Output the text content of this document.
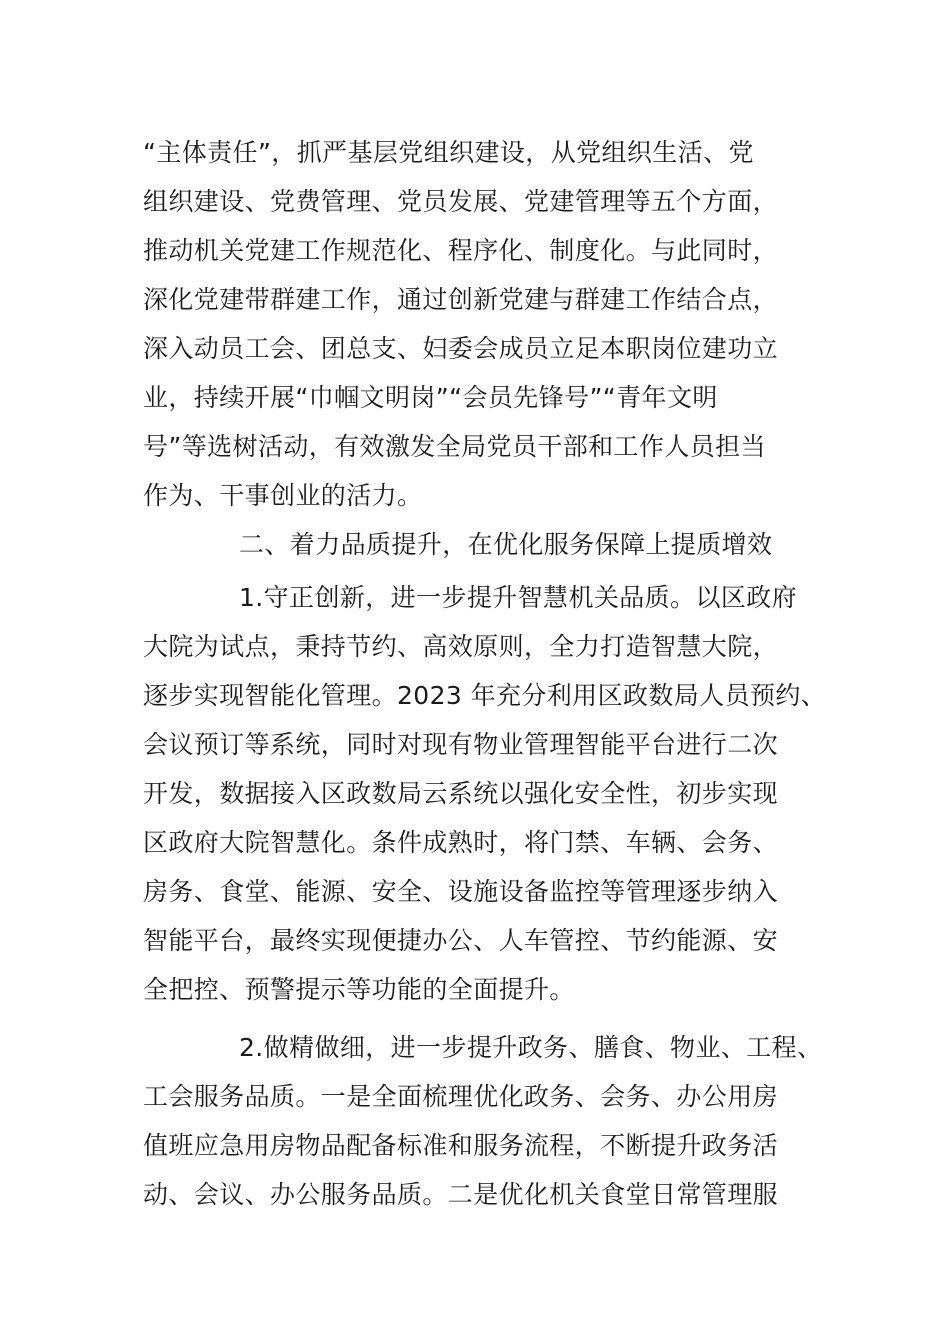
“主体责任”，抓严基层党组织建设，从党组织生活、党
组织建设、党费管理、党员发展、党建管理等五个方面，
推动机关党建工作规范化、程序化、制度化。与此同时，
深化党建带群建工作，通过创新党建与群建工作结合点，
深入动员工会、团总支、妇委会成员立足本职岗位建功立
业，持续开展“巾帼文明岗”“会员先锋号”“青年文明
号”等选树活动，有效激发全局党员干部和工作人员担当
作为、干事创业的活力。
二、着力品质提升，在优化服务保障上提质增效
1.守正创新，进一步提升智慧机关品质。以区政府
大院为试点，秉持节约、高效原则，全力打造智慧大院，
逐步实现智能化管理。2023 年充分利用区政数局人员预约、
会议预订等系统，同时对现有物业管理智能平台进行二次
开发，数据接入区政数局云系统以强化安全性，初步实现
区政府大院智慧化。条件成熟时，将门禁、车辆、会务、
房务、食堂、能源、安全、设施设备监控等管理逐步纳入
智能平台，最终实现便捷办公、人车管控、节约能源、安
全把控、预警提示等功能的全面提升。
2.做精做细，进一步提升政务、膳食、物业、工程、
工会服务品质。一是全面梳理优化政务、会务、办公用房
值班应急用房物品配备标准和服务流程，不断提升政务活
动、会议、办公服务品质。二是优化机关食堂日常管理服
